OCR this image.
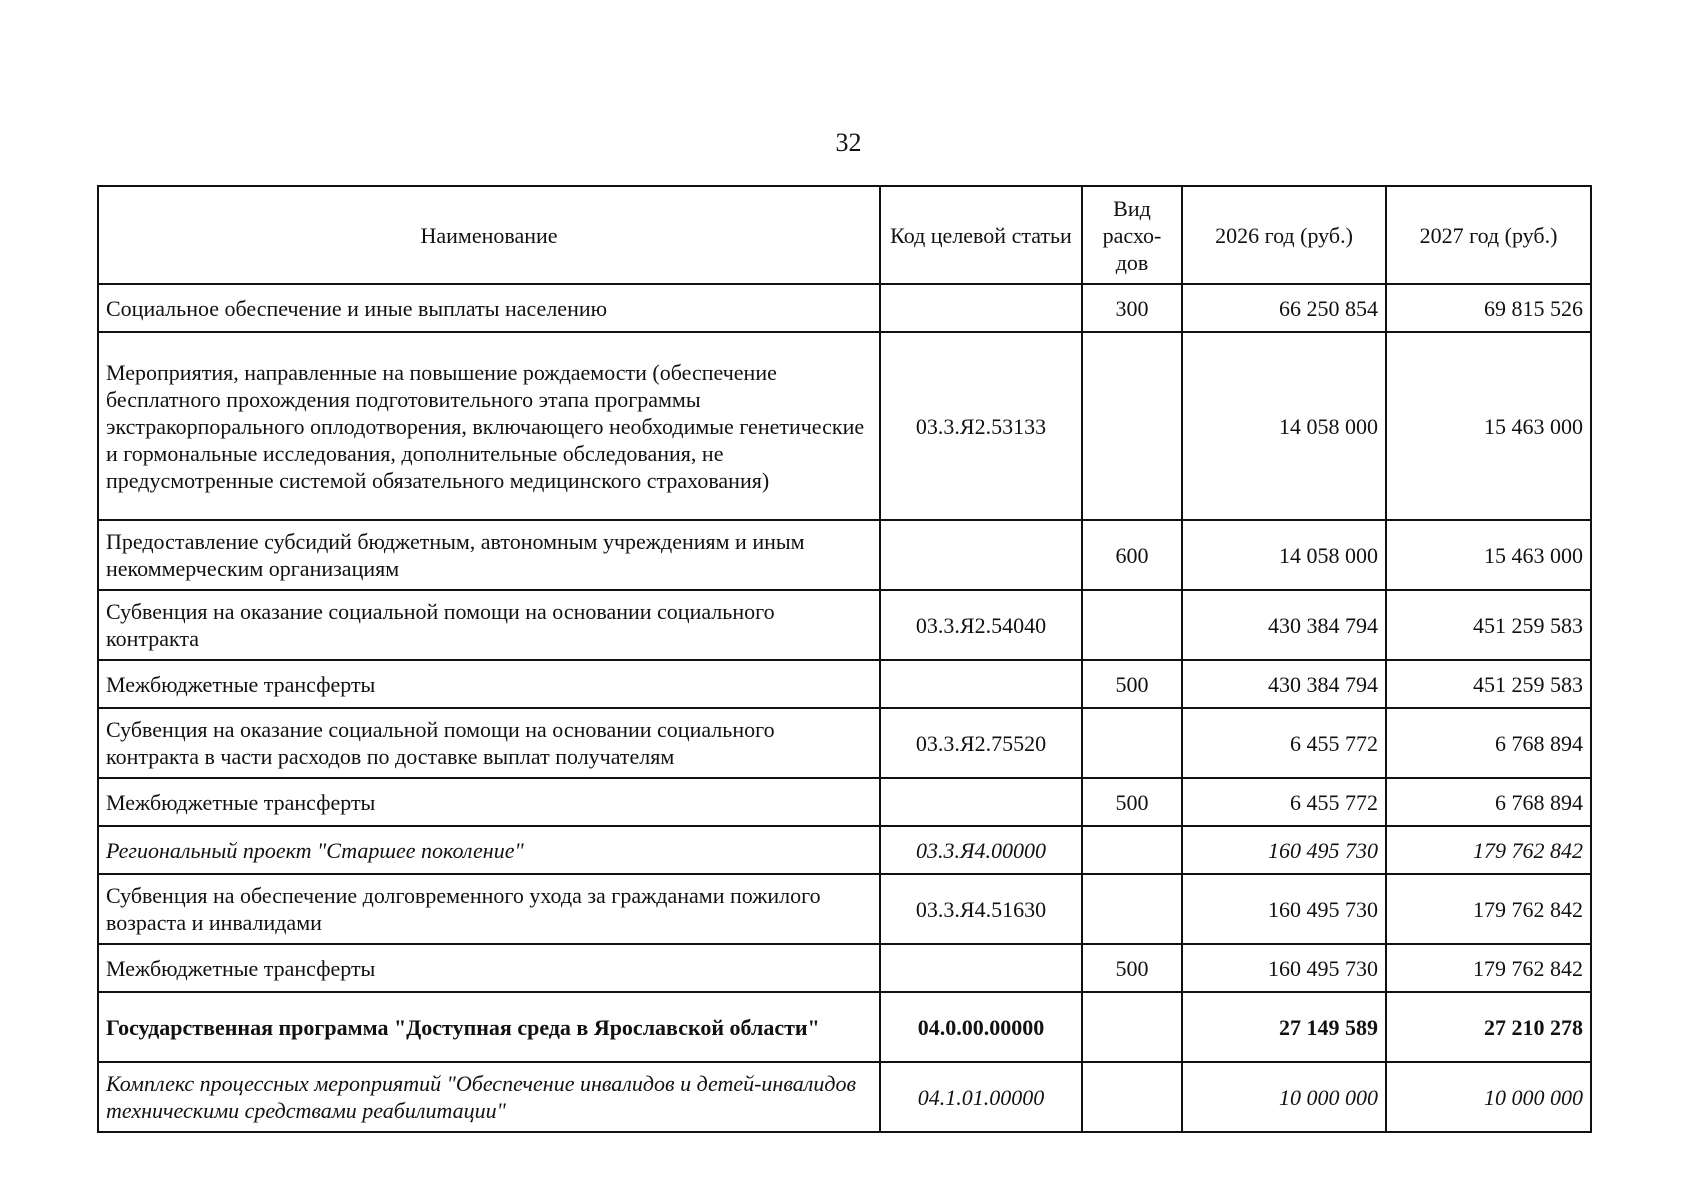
32
Наименование	Код целевой статьи	Вид расхо-дов	2026 год (руб.)	2027 год (руб.)
Социальное обеспечение и иные выплаты населению		300	66 250 854	69 815 526
Мероприятия, направленные на повышение рождаемости (обеспечение бесплатного прохождения подготовительного этапа программы экстракорпорального оплодотворения, включающего необходимые генетические и гормональные исследования, дополнительные обследования, не предусмотренные системой обязательного медицинского страхования)	03.3.Я2.53133		14 058 000	15 463 000
Предоставление субсидий бюджетным, автономным учреждениям и иным некоммерческим организациям		600	14 058 000	15 463 000
Субвенция на оказание социальной помощи на основании социального контракта	03.3.Я2.54040		430 384 794	451 259 583
Межбюджетные трансферты		500	430 384 794	451 259 583
Субвенция на оказание социальной помощи на основании социального контракта в части расходов по доставке выплат получателям	03.3.Я2.75520		6 455 772	6 768 894
Межбюджетные трансферты		500	6 455 772	6 768 894
Региональный проект "Старшее поколение"	03.3.Я4.00000		160 495 730	179 762 842
Субвенция на обеспечение долговременного ухода за гражданами пожилого возраста и инвалидами	03.3.Я4.51630		160 495 730	179 762 842
Межбюджетные трансферты		500	160 495 730	179 762 842
Государственная программа "Доступная среда в Ярославской области"	04.0.00.00000		27 149 589	27 210 278
Комплекс процессных мероприятий "Обеспечение инвалидов и детей-инвалидов техническими средствами реабилитации"	04.1.01.00000		10 000 000	10 000 000
